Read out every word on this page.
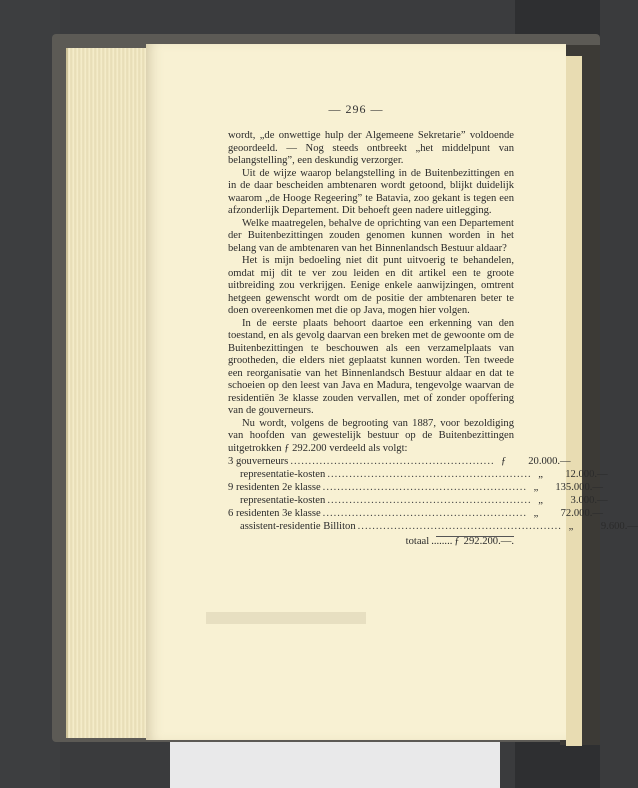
— 296 —

wordt, „de onwettige hulp der Algemeene Sekretarie” voldoende geoordeeld. — Nog steeds ontbreekt „het middelpunt van belangstelling”, een deskundig verzorger.

Uit de wijze waarop belangstelling in de Buitenbezittingen en in de daar bescheiden ambtenaren wordt getoond, blijkt duidelijk waarom „de Hooge Regeering” te Batavia, zoo gekant is tegen een afzonderlijk Departement. Dit behoeft geen nadere uitlegging.

Welke maatregelen, behalve de oprichting van een Departement der Buitenbezittingen zouden genomen kunnen worden in het belang van de ambtenaren van het Binnenlandsch Bestuur aldaar?

Het is mijn bedoeling niet dit punt uitvoerig te behandelen, omdat mij dit te ver zou leiden en dit artikel een te groote uitbreiding zou verkrijgen. Eenige enkele aanwijzingen, omtrent hetgeen gewenscht wordt om de positie der ambtenaren beter te doen overeenkomen met die op Java, mogen hier volgen.

In de eerste plaats behoort daartoe een erkenning van den toestand, en als gevolg daarvan een breken met de gewoonte om de Buitenbezittingen te beschouwen als een verzamelplaats van grootheden, die elders niet geplaatst kunnen worden. Ten tweede een reorganisatie van het Binnenlandsch Bestuur aldaar en dat te schoeien op den leest van Java en Madura, tengevolge waarvan de residentiën 3e klasse zouden vervallen, met of zonder opoffering van de gouverneurs.

Nu wordt, volgens de begrooting van 1887, voor bezoldiging van hoofden van gewestelijk bestuur op de Buitenbezittingen uitgetrokken ƒ 292.200 verdeeld als volgt:

3 gouverneurs ........................................................ ƒ	20.000.—
representatie-kosten ........................................................ „	12.000.—
9 residenten 2e klasse ........................................................ „	135.000.—
representatie-kosten ........................................................ „	3.000.—
6 residenten 3e klasse ........................................................ „	72.000.—
assistent-residentie Billiton ........................................................ „	9.600.—
totaal ........ ƒ 292.200.—.
